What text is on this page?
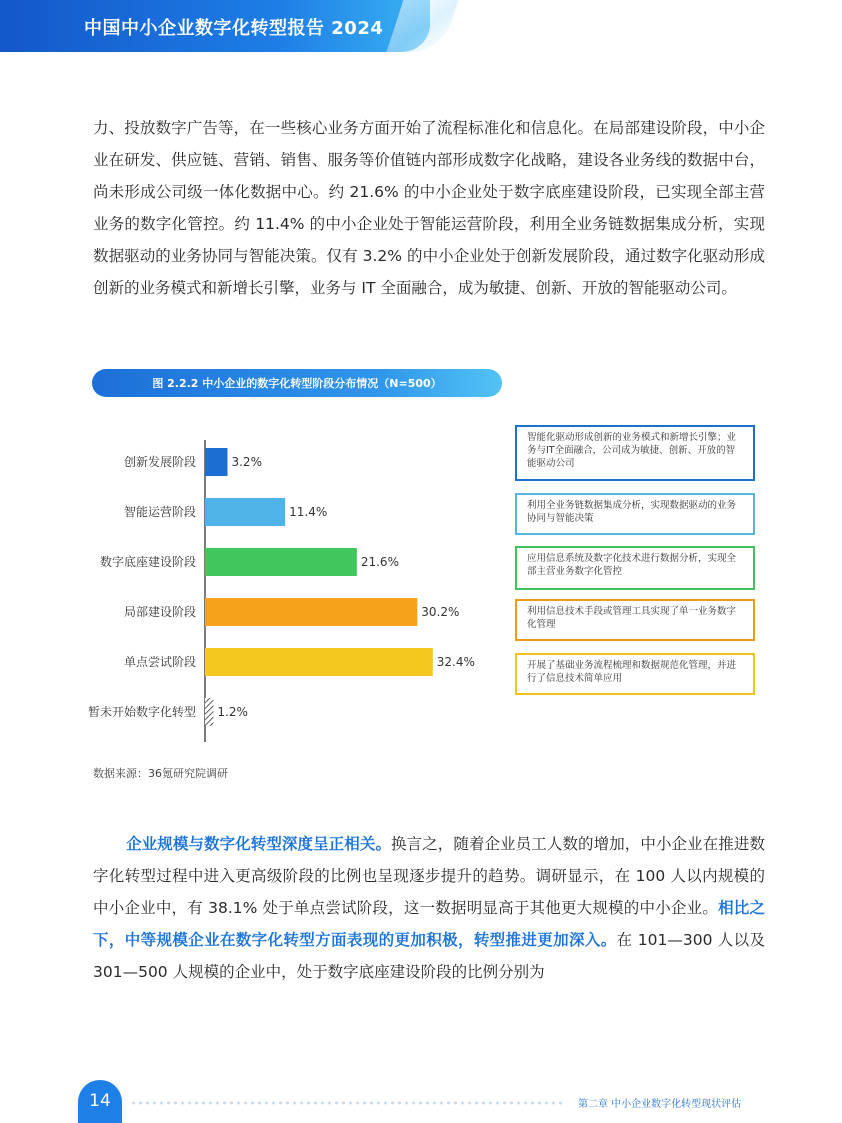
中国中小企业数字化转型报告 2024

力、投放数字广告等，在一些核心业务方面开始了流程标准化和信息化。在局部建设阶段，中小企业在研发、供应链、营销、销售、服务等价值链内部形成数字化战略，建设各业务线的数据中台，尚未形成公司级一体化数据中心。约 21.6% 的中小企业处于数字底座建设阶段，已实现全部主营业务的数字化管控。约 11.4% 的中小企业处于智能运营阶段，利用全业务链数据集成分析，实现数据驱动的业务协同与智能决策。仅有 3.2% 的中小企业处于创新发展阶段，通过数字化驱动形成创新的业务模式和新增长引擎，业务与 IT 全面融合，成为敏捷、创新、开放的智能驱动公司。

图 2.2.2 中小企业的数字化转型阶段分布情况（N=500）
创新发展阶段	3.2%
智能运营阶段	11.4%
数字底座建设阶段	21.6%
局部建设阶段	30.2%
单点尝试阶段	32.4%
暂未开始数字化转型 1.2%
数据来源：36氪研究院调研
智能化驱动形成创新的业务模式和新增长引擎；业务与IT全面融合，公司成为敏捷、创新、开放的智能驱动公司
利用全业务链数据集成分析，实现数据驱动的业务协同与智能决策
应用信息系统及数字化技术进行数据分析，实现全部主营业务数字化管控
利用信息技术手段或管理工具实现了单一业务数字化管理
开展了基础业务流程梳理和数据规范化管理，并进行了信息技术简单应用

企业规模与数字化转型深度呈正相关。换言之，随着企业员工人数的增加，中小企业在推进数字化转型过程中进入更高级阶段的比例也呈现逐步提升的趋势。调研显示，在 100 人以内规模的中小企业中，有 38.1% 处于单点尝试阶段，这一数据明显高于其他更大规模的中小企业。相比之下，中等规模企业在数字化转型方面表现的更加积极，转型推进更加深入。在 101—300 人以及 301—500 人规模的企业中，处于数字底座建设阶段的比例分别为

14	第二章 中小企业数字化转型现状评估
